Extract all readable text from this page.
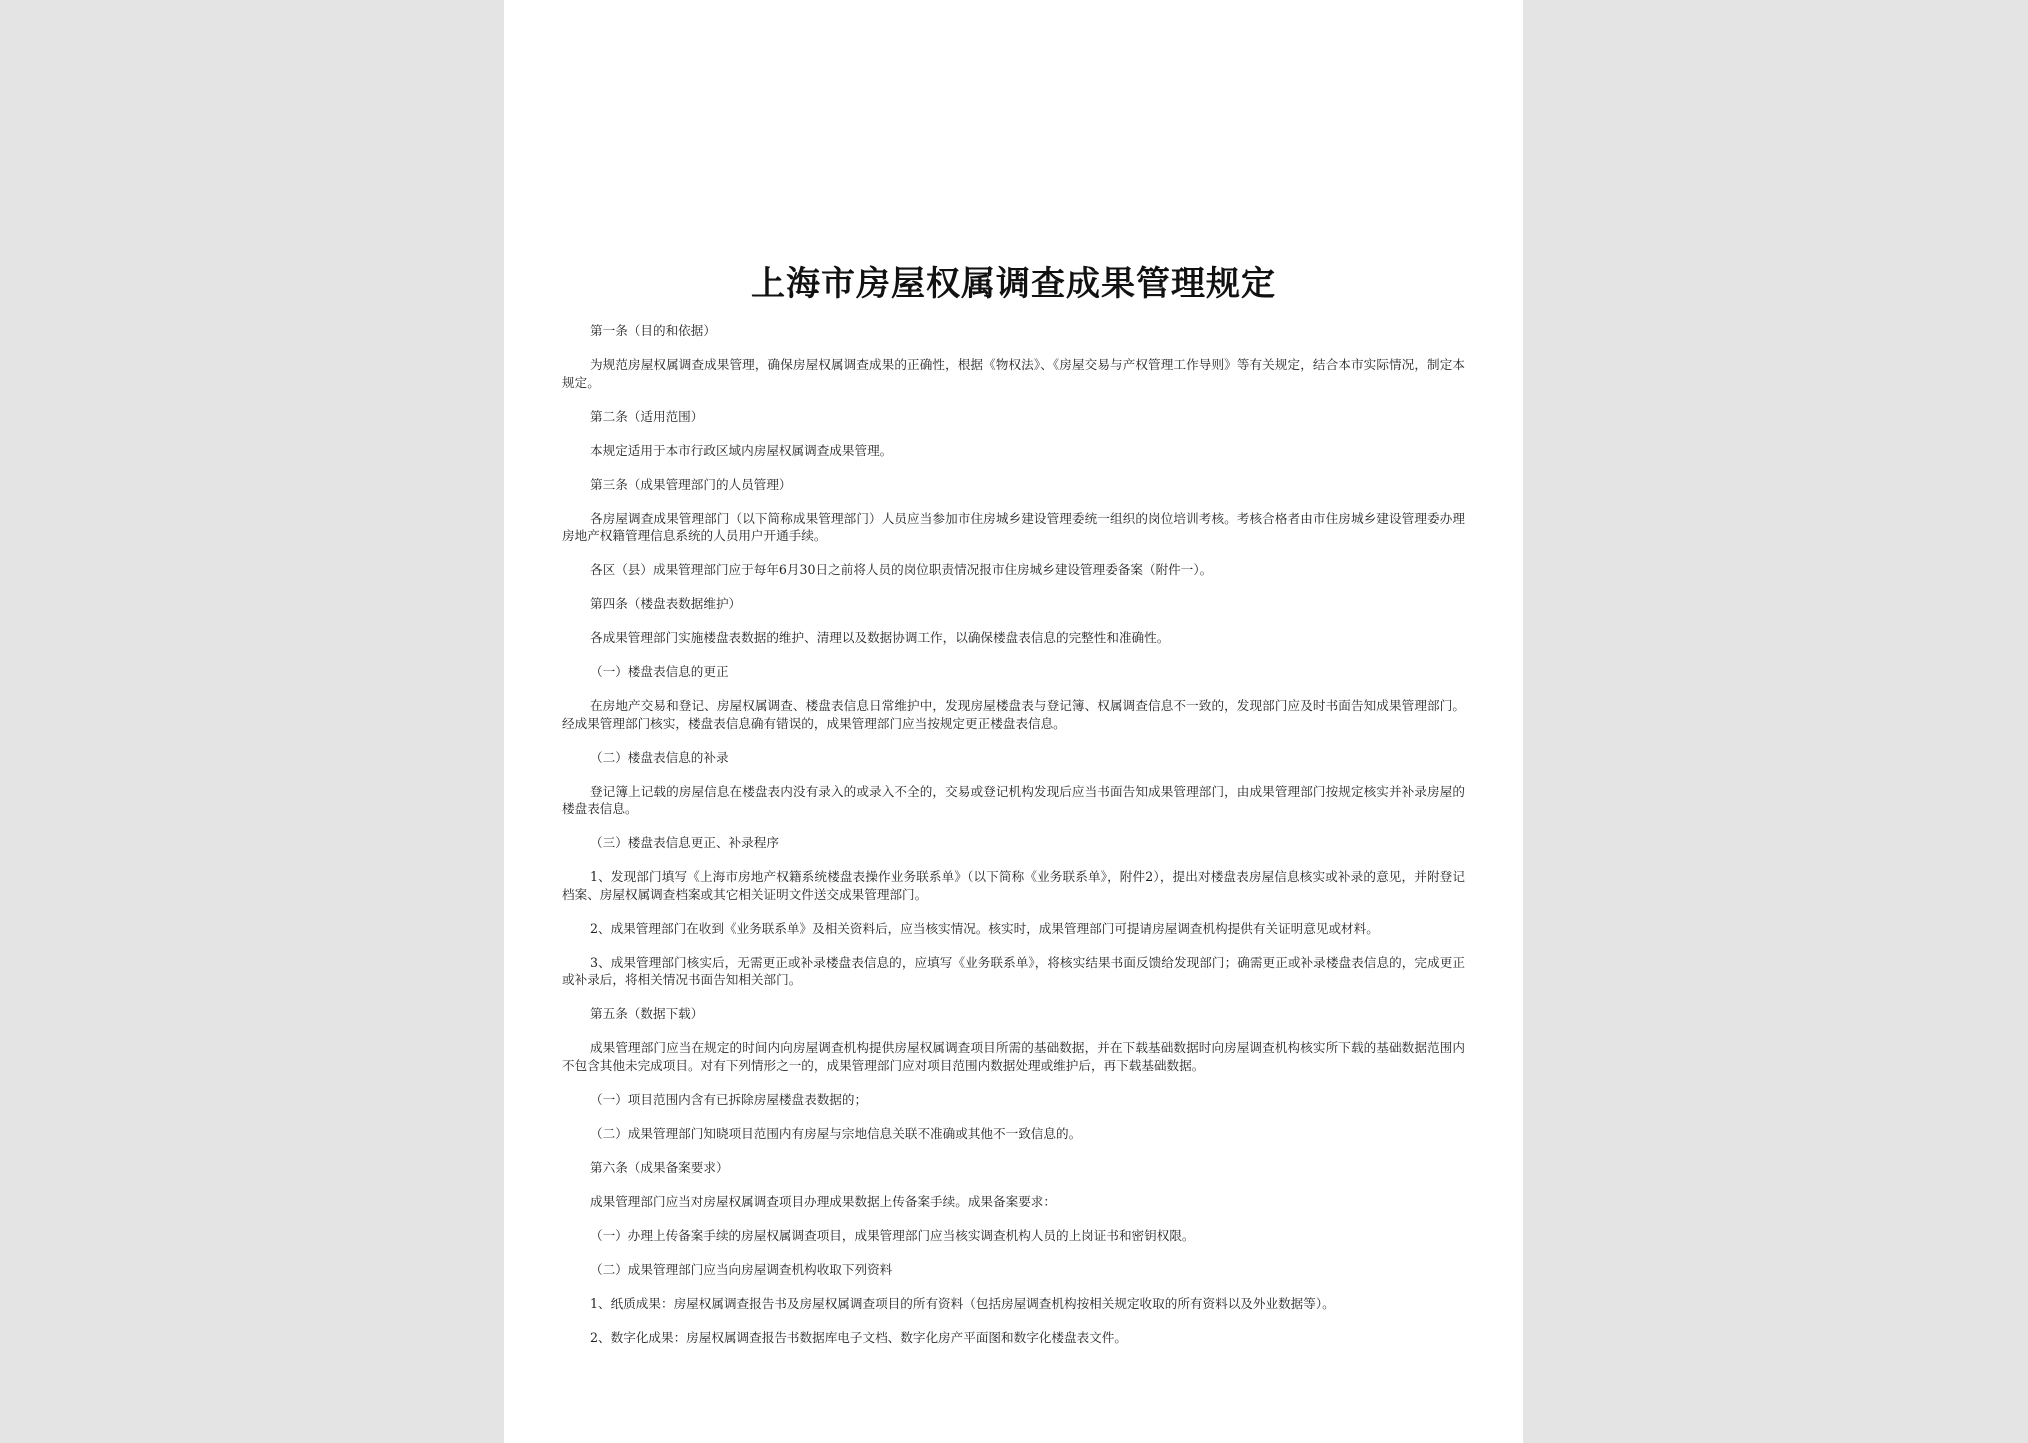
上海市房屋权属调查成果管理规定
第一条（目的和依据）
为规范房屋权属调查成果管理，确保房屋权属调查成果的正确性，根据《物权法》、《房屋交易与产权管理工作导则》等有关规定，结合本市实际情况，制定本规定。
第二条（适用范围）
本规定适用于本市行政区域内房屋权属调查成果管理。
第三条（成果管理部门的人员管理）
各房屋调查成果管理部门（以下简称成果管理部门）人员应当参加市住房城乡建设管理委统一组织的岗位培训考核。考核合格者由市住房城乡建设管理委办理房地产权籍管理信息系统的人员用户开通手续。
各区（县）成果管理部门应于每年6月30日之前将人员的岗位职责情况报市住房城乡建设管理委备案（附件一）。
第四条（楼盘表数据维护）
各成果管理部门实施楼盘表数据的维护、清理以及数据协调工作，以确保楼盘表信息的完整性和准确性。
（一）楼盘表信息的更正
在房地产交易和登记、房屋权属调查、楼盘表信息日常维护中，发现房屋楼盘表与登记簿、权属调查信息不一致的，发现部门应及时书面告知成果管理部门。经成果管理部门核实，楼盘表信息确有错误的，成果管理部门应当按规定更正楼盘表信息。
（二）楼盘表信息的补录
登记簿上记载的房屋信息在楼盘表内没有录入的或录入不全的，交易或登记机构发现后应当书面告知成果管理部门，由成果管理部门按规定核实并补录房屋的楼盘表信息。
（三）楼盘表信息更正、补录程序
1、发现部门填写《上海市房地产权籍系统楼盘表操作业务联系单》（以下简称《业务联系单》，附件2），提出对楼盘表房屋信息核实或补录的意见，并附登记档案、房屋权属调查档案或其它相关证明文件送交成果管理部门。
2、成果管理部门在收到《业务联系单》及相关资料后，应当核实情况。核实时，成果管理部门可提请房屋调查机构提供有关证明意见或材料。
3、成果管理部门核实后，无需更正或补录楼盘表信息的，应填写《业务联系单》，将核实结果书面反馈给发现部门；确需更正或补录楼盘表信息的，完成更正或补录后，将相关情况书面告知相关部门。
第五条（数据下载）
成果管理部门应当在规定的时间内向房屋调查机构提供房屋权属调查项目所需的基础数据，并在下载基础数据时向房屋调查机构核实所下载的基础数据范围内不包含其他未完成项目。对有下列情形之一的，成果管理部门应对项目范围内数据处理或维护后，再下载基础数据。
（一）项目范围内含有已拆除房屋楼盘表数据的；
（二）成果管理部门知晓项目范围内有房屋与宗地信息关联不准确或其他不一致信息的。
第六条（成果备案要求）
成果管理部门应当对房屋权属调查项目办理成果数据上传备案手续。成果备案要求：
（一）办理上传备案手续的房屋权属调查项目，成果管理部门应当核实调查机构人员的上岗证书和密钥权限。
（二）成果管理部门应当向房屋调查机构收取下列资料
1、纸质成果：房屋权属调查报告书及房屋权属调查项目的所有资料（包括房屋调查机构按相关规定收取的所有资料以及外业数据等）。
2、数字化成果：房屋权属调查报告书数据库电子文档、数字化房产平面图和数字化楼盘表文件。
